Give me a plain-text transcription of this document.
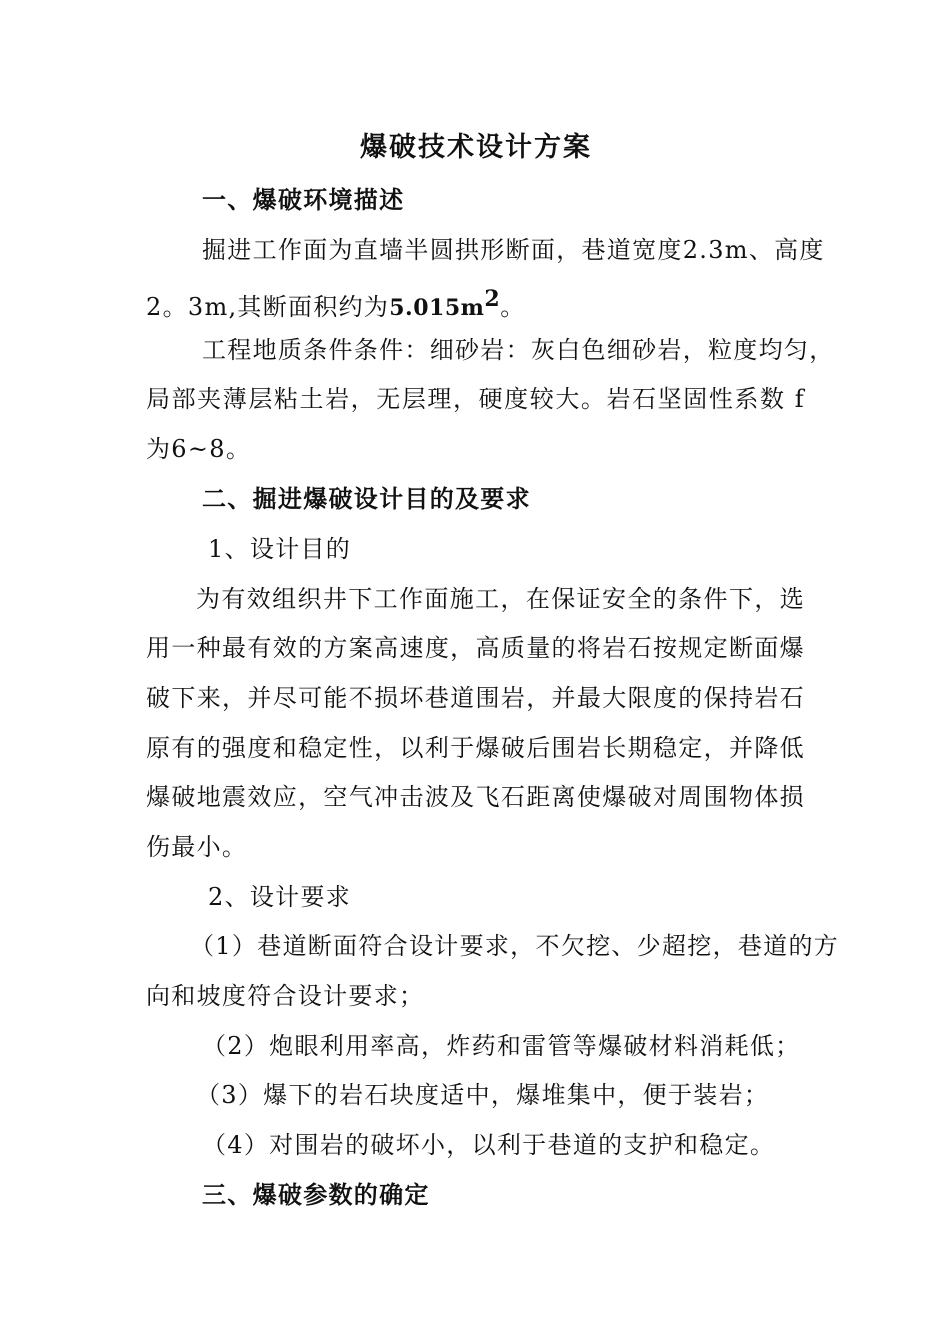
爆破技术设计方案
一、爆破环境描述
掘进工作面为直墙半圆拱形断面，巷道宽度2.3m、高度
2。3m,其断面积约为$5.015m^2$。
工程地质条件条件：细砂岩：灰白色细砂岩，粒度均匀，
局部夹薄层粘土岩，无层理，硬度较大。岩石坚固性系数 f
为6~8。
二、掘进爆破设计目的及要求
1、设计目的
为有效组织井下工作面施工，在保证安全的条件下，选
用一种最有效的方案高速度，高质量的将岩石按规定断面爆
破下来，并尽可能不损坏巷道围岩，并最大限度的保持岩石
原有的强度和稳定性，以利于爆破后围岩长期稳定，并降低
爆破地震效应，空气冲击波及飞石距离使爆破对周围物体损
伤最小。
2、设计要求
（1）巷道断面符合设计要求，不欠挖、少超挖，巷道的方
向和坡度符合设计要求；
（2）炮眼利用率高，炸药和雷管等爆破材料消耗低；
（3）爆下的岩石块度适中，爆堆集中，便于装岩；
（4）对围岩的破坏小，以利于巷道的支护和稳定。
三、爆破参数的确定
